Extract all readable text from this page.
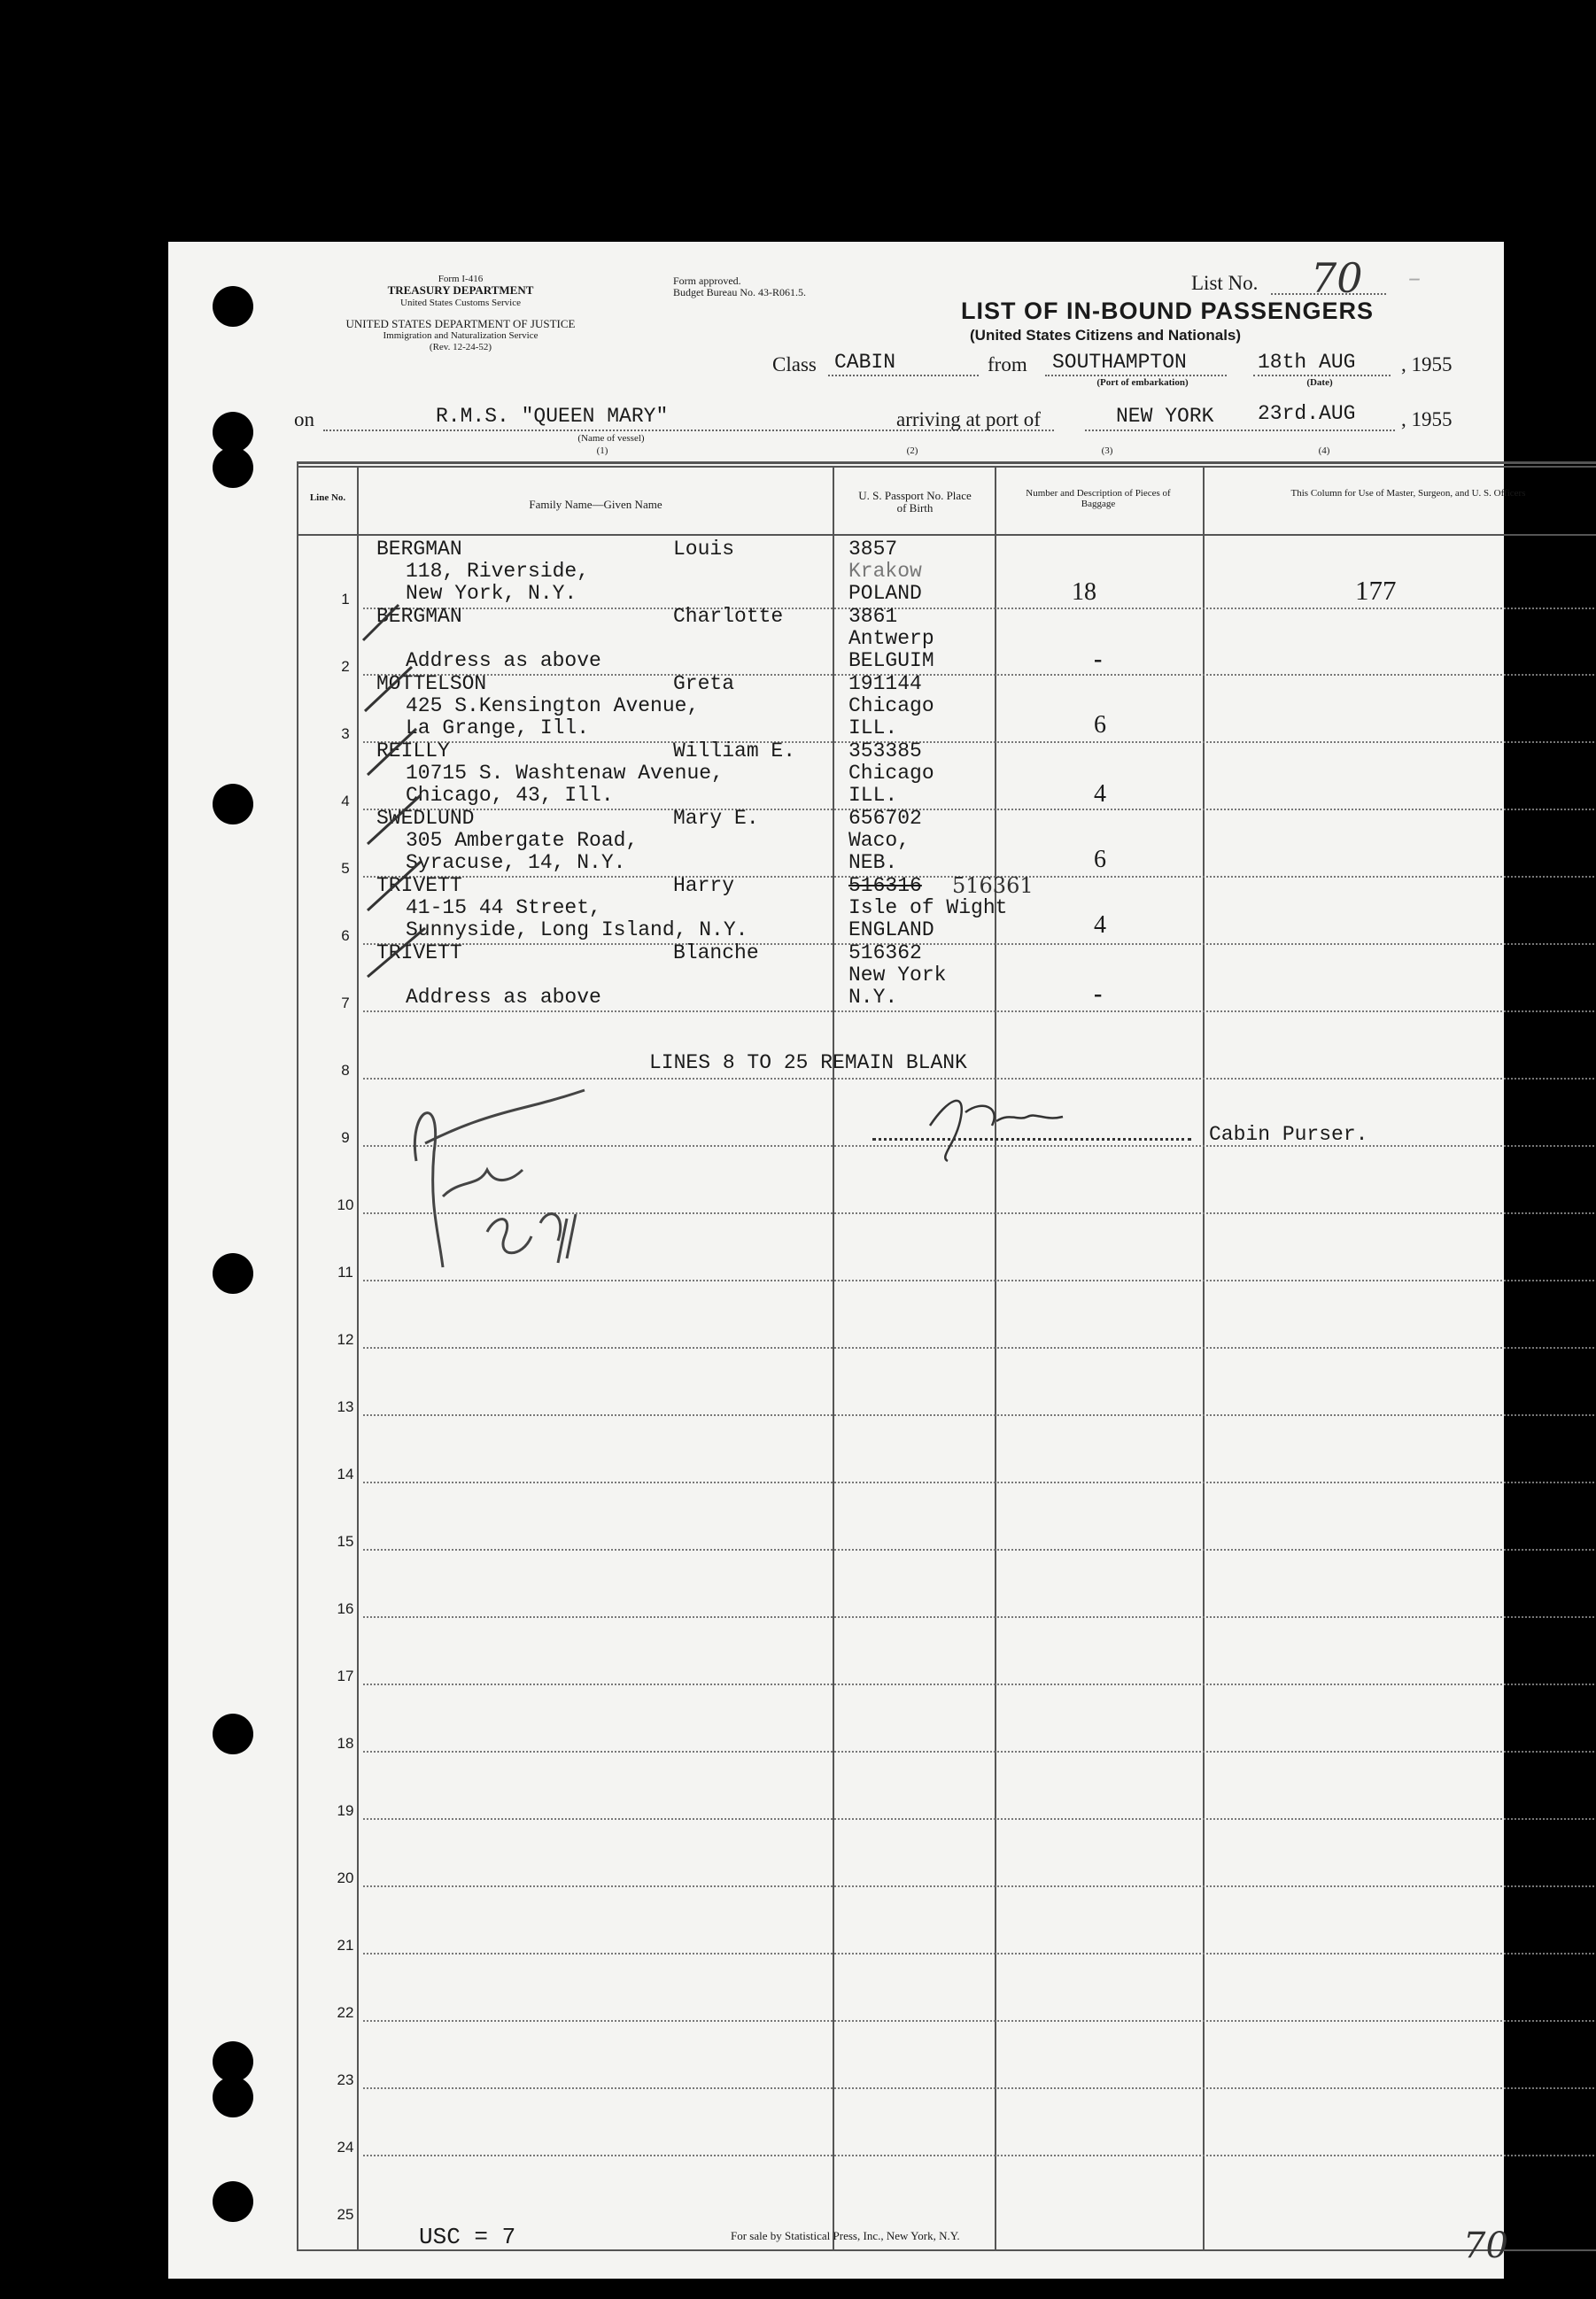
Form I-416
TREASURY DEPARTMENT
United States Customs Service
UNITED STATES DEPARTMENT OF JUSTICE
Immigration and Naturalization Service
(Rev. 12-24-52)
Form approved.
Budget Bureau No. 43-R061.5.	List No. 70 –
LIST OF IN-BOUND PASSENGERS
(United States Citizens and Nationals)
Class CABIN	from SOUTHAMPTON	18th AUG , 1955
(Port of embarkation)	(Date)
on	R.M.S. "QUEEN MARY"
(Name of vessel)
(1)
arriving at port of	NEW YORK 23rd.AUG , 1955
(2)	(3)	(4)
Line No.	Family Name—Given Name
U. S. Passport No. Place of Birth
Number and Description of Pieces of Baggage
This Column for Use of Master, Surgeon, and U. S. Officers
1
BERGMAN	Louis
118, Riverside,
New York, N.Y.
3857
Krakow
POLAND	18	177
2
BERGMAN	Charlotte
Address as above
3861
Antwerp
BELGUIM	-
3
MOTTELSON	Greta
425 S.Kensington Avenue,
La Grange, Ill.
191144
Chicago
ILL.	6
4
REILLY	William E.
10715 S. Washtenaw Avenue,
Chicago, 43, Ill.
353385
Chicago
ILL.	4
5
SWEDLUND	Mary E.
305 Ambergate Road,
Syracuse, 14, N.Y.
656702
Waco,
NEB.	6
6
TRIVETT	Harry
41-15 44 Street,
Sunnyside, Long Island, N.Y.
516316 516361
Isle of Wight
ENGLAND	4
7
TRIVETT	Blanche
Address as above
516362
New York
N.Y.	-
8
9
10
11
12
13
14
15
16
17
18
19
20
21
22
23
24
25
LINES 8 TO 25 REMAIN BLANK
Cabin Purser.
USC = 7	For sale by Statistical Press, Inc., New York, N.Y.	70
